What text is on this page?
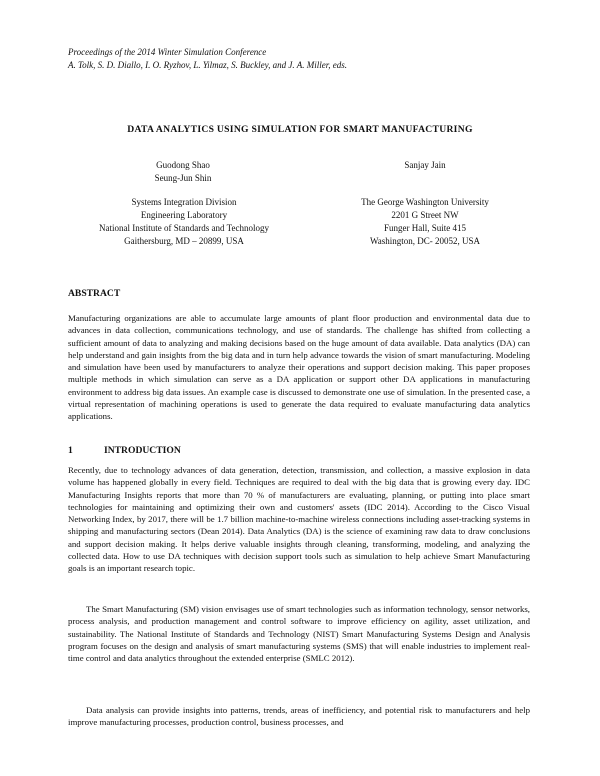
Proceedings of the 2014 Winter Simulation Conference
A. Tolk, S. D. Diallo, I. O. Ryzhov, L. Yilmaz, S. Buckley, and J. A. Miller, eds.
DATA ANALYTICS USING SIMULATION FOR SMART MANUFACTURING
Guodong Shao
Seung-Jun Shin
Sanjay Jain
Systems Integration Division
Engineering Laboratory
National Institute of Standards and Technology
Gaithersburg, MD – 20899, USA
The George Washington University
2201 G Street NW
Funger Hall, Suite 415
Washington, DC- 20052, USA
ABSTRACT
Manufacturing organizations are able to accumulate large amounts of plant floor production and environmental data due to advances in data collection, communications technology, and use of standards. The challenge has shifted from collecting a sufficient amount of data to analyzing and making decisions based on the huge amount of data available. Data analytics (DA) can help understand and gain insights from the big data and in turn help advance towards the vision of smart manufacturing. Modeling and simulation have been used by manufacturers to analyze their operations and support decision making. This paper proposes multiple methods in which simulation can serve as a DA application or support other DA applications in manufacturing environment to address big data issues. An example case is discussed to demonstrate one use of simulation. In the presented case, a virtual representation of machining operations is used to generate the data required to evaluate manufacturing data analytics applications.
1	INTRODUCTION
Recently, due to technology advances of data generation, detection, transmission, and collection, a massive explosion in data volume has happened globally in every field. Techniques are required to deal with the big data that is growing every day. IDC Manufacturing Insights reports that more than 70 % of manufacturers are evaluating, planning, or putting into place smart technologies for maintaining and optimizing their own and customers' assets (IDC 2014). According to the Cisco Visual Networking Index, by 2017, there will be 1.7 billion machine-to-machine wireless connections including asset-tracking systems in shipping and manufacturing sectors (Dean 2014). Data Analytics (DA) is the science of examining raw data to draw conclusions and support decision making. It helps derive valuable insights through cleaning, transforming, modeling, and analyzing the collected data. How to use DA techniques with decision support tools such as simulation to help achieve Smart Manufacturing goals is an important research topic.
The Smart Manufacturing (SM) vision envisages use of smart technologies such as information technology, sensor networks, process analysis, and production management and control software to improve efficiency on agility, asset utilization, and sustainability. The National Institute of Standards and Technology (NIST) Smart Manufacturing Systems Design and Analysis program focuses on the design and analysis of smart manufacturing systems (SMS) that will enable industries to implement real-time control and data analytics throughout the extended enterprise (SMLC 2012).
Data analysis can provide insights into patterns, trends, areas of inefficiency, and potential risk to manufacturers and help improve manufacturing processes, production control, business processes, and
